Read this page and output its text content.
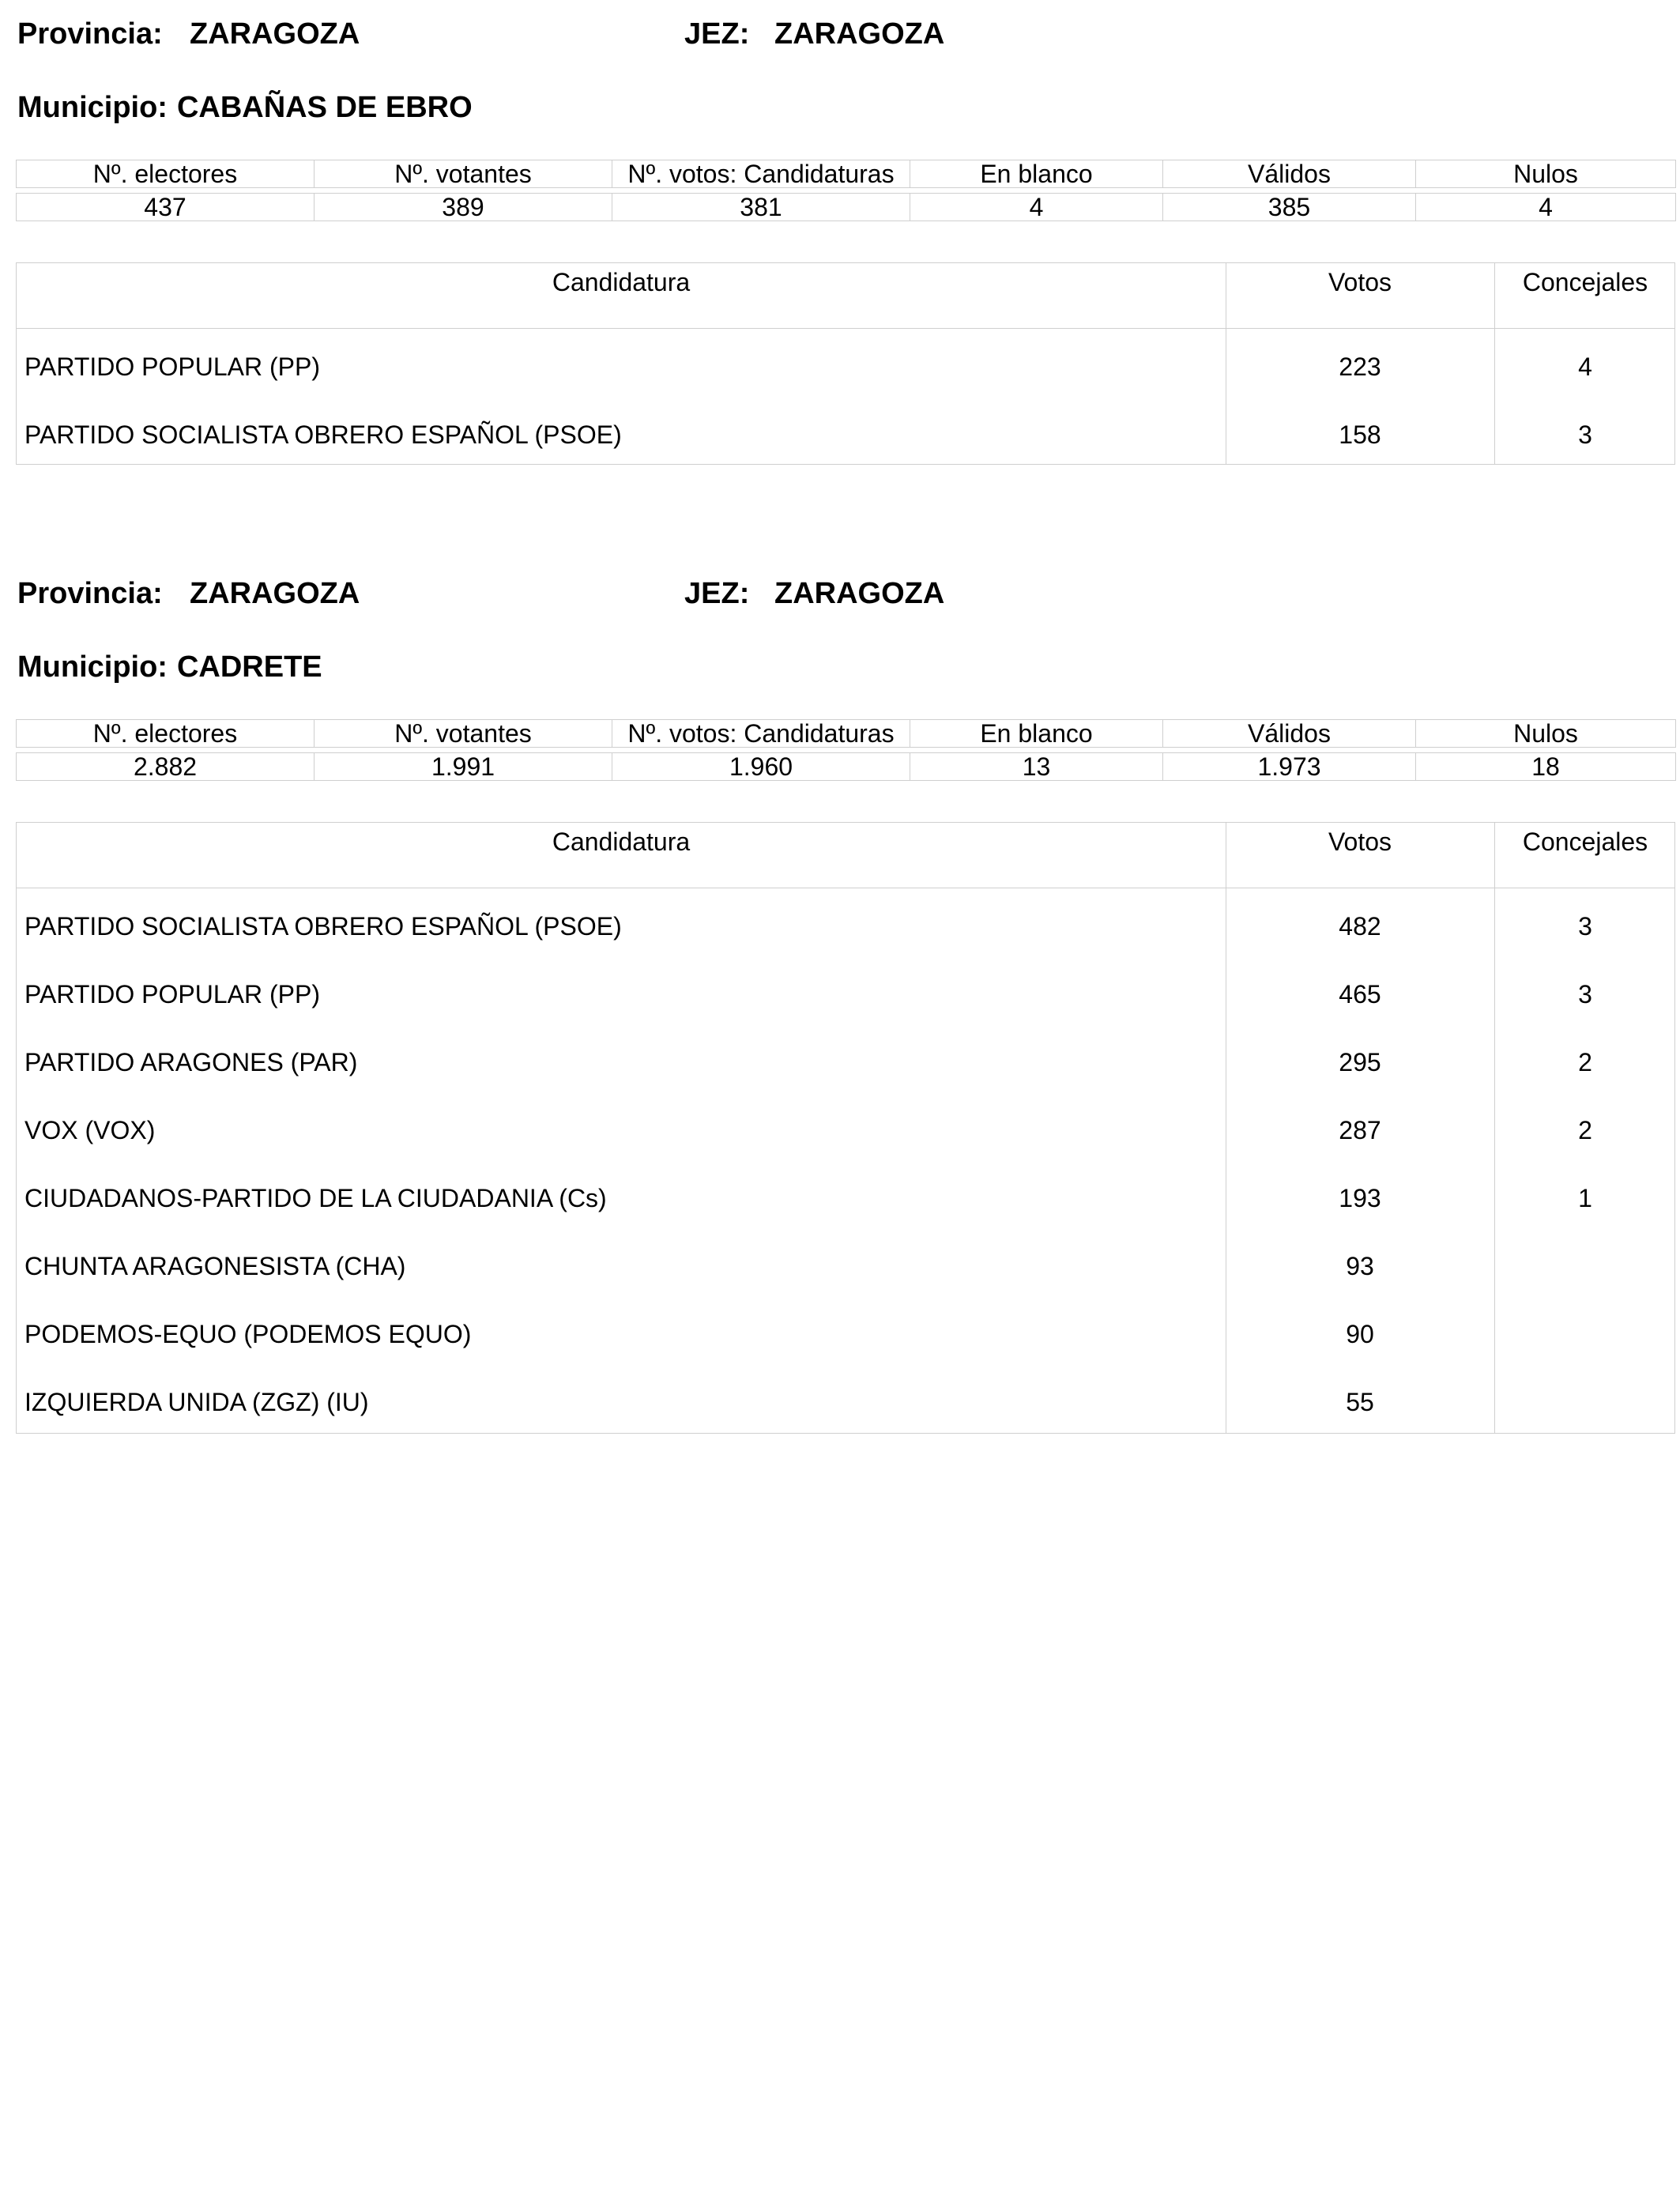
Provincia: ZARAGOZA	JEZ: ZARAGOZA
Municipio: CABAÑAS DE EBRO
Nº. electores	Nº. votantes	Nº. votos: Candidaturas	En blanco	Válidos	Nulos

437	389	381	4	385	4
Candidatura	Votos	Concejales
PARTIDO POPULAR (PP)	223	4
PARTIDO SOCIALISTA OBRERO ESPAÑOL (PSOE)	158	3
Provincia: ZARAGOZA	JEZ: ZARAGOZA
Municipio: CADRETE
Nº. electores	Nº. votantes	Nº. votos: Candidaturas	En blanco	Válidos	Nulos

2.882	1.991	1.960	13	1.973	18
Candidatura	Votos	Concejales
PARTIDO SOCIALISTA OBRERO ESPAÑOL (PSOE)	482	3
PARTIDO POPULAR (PP)	465	3
PARTIDO ARAGONES (PAR)	295	2
VOX (VOX)	287	2
CIUDADANOS-PARTIDO DE LA CIUDADANIA (Cs)	193	1
CHUNTA ARAGONESISTA (CHA)	93
PODEMOS-EQUO (PODEMOS EQUO)	90
IZQUIERDA UNIDA (ZGZ) (IU)	55
